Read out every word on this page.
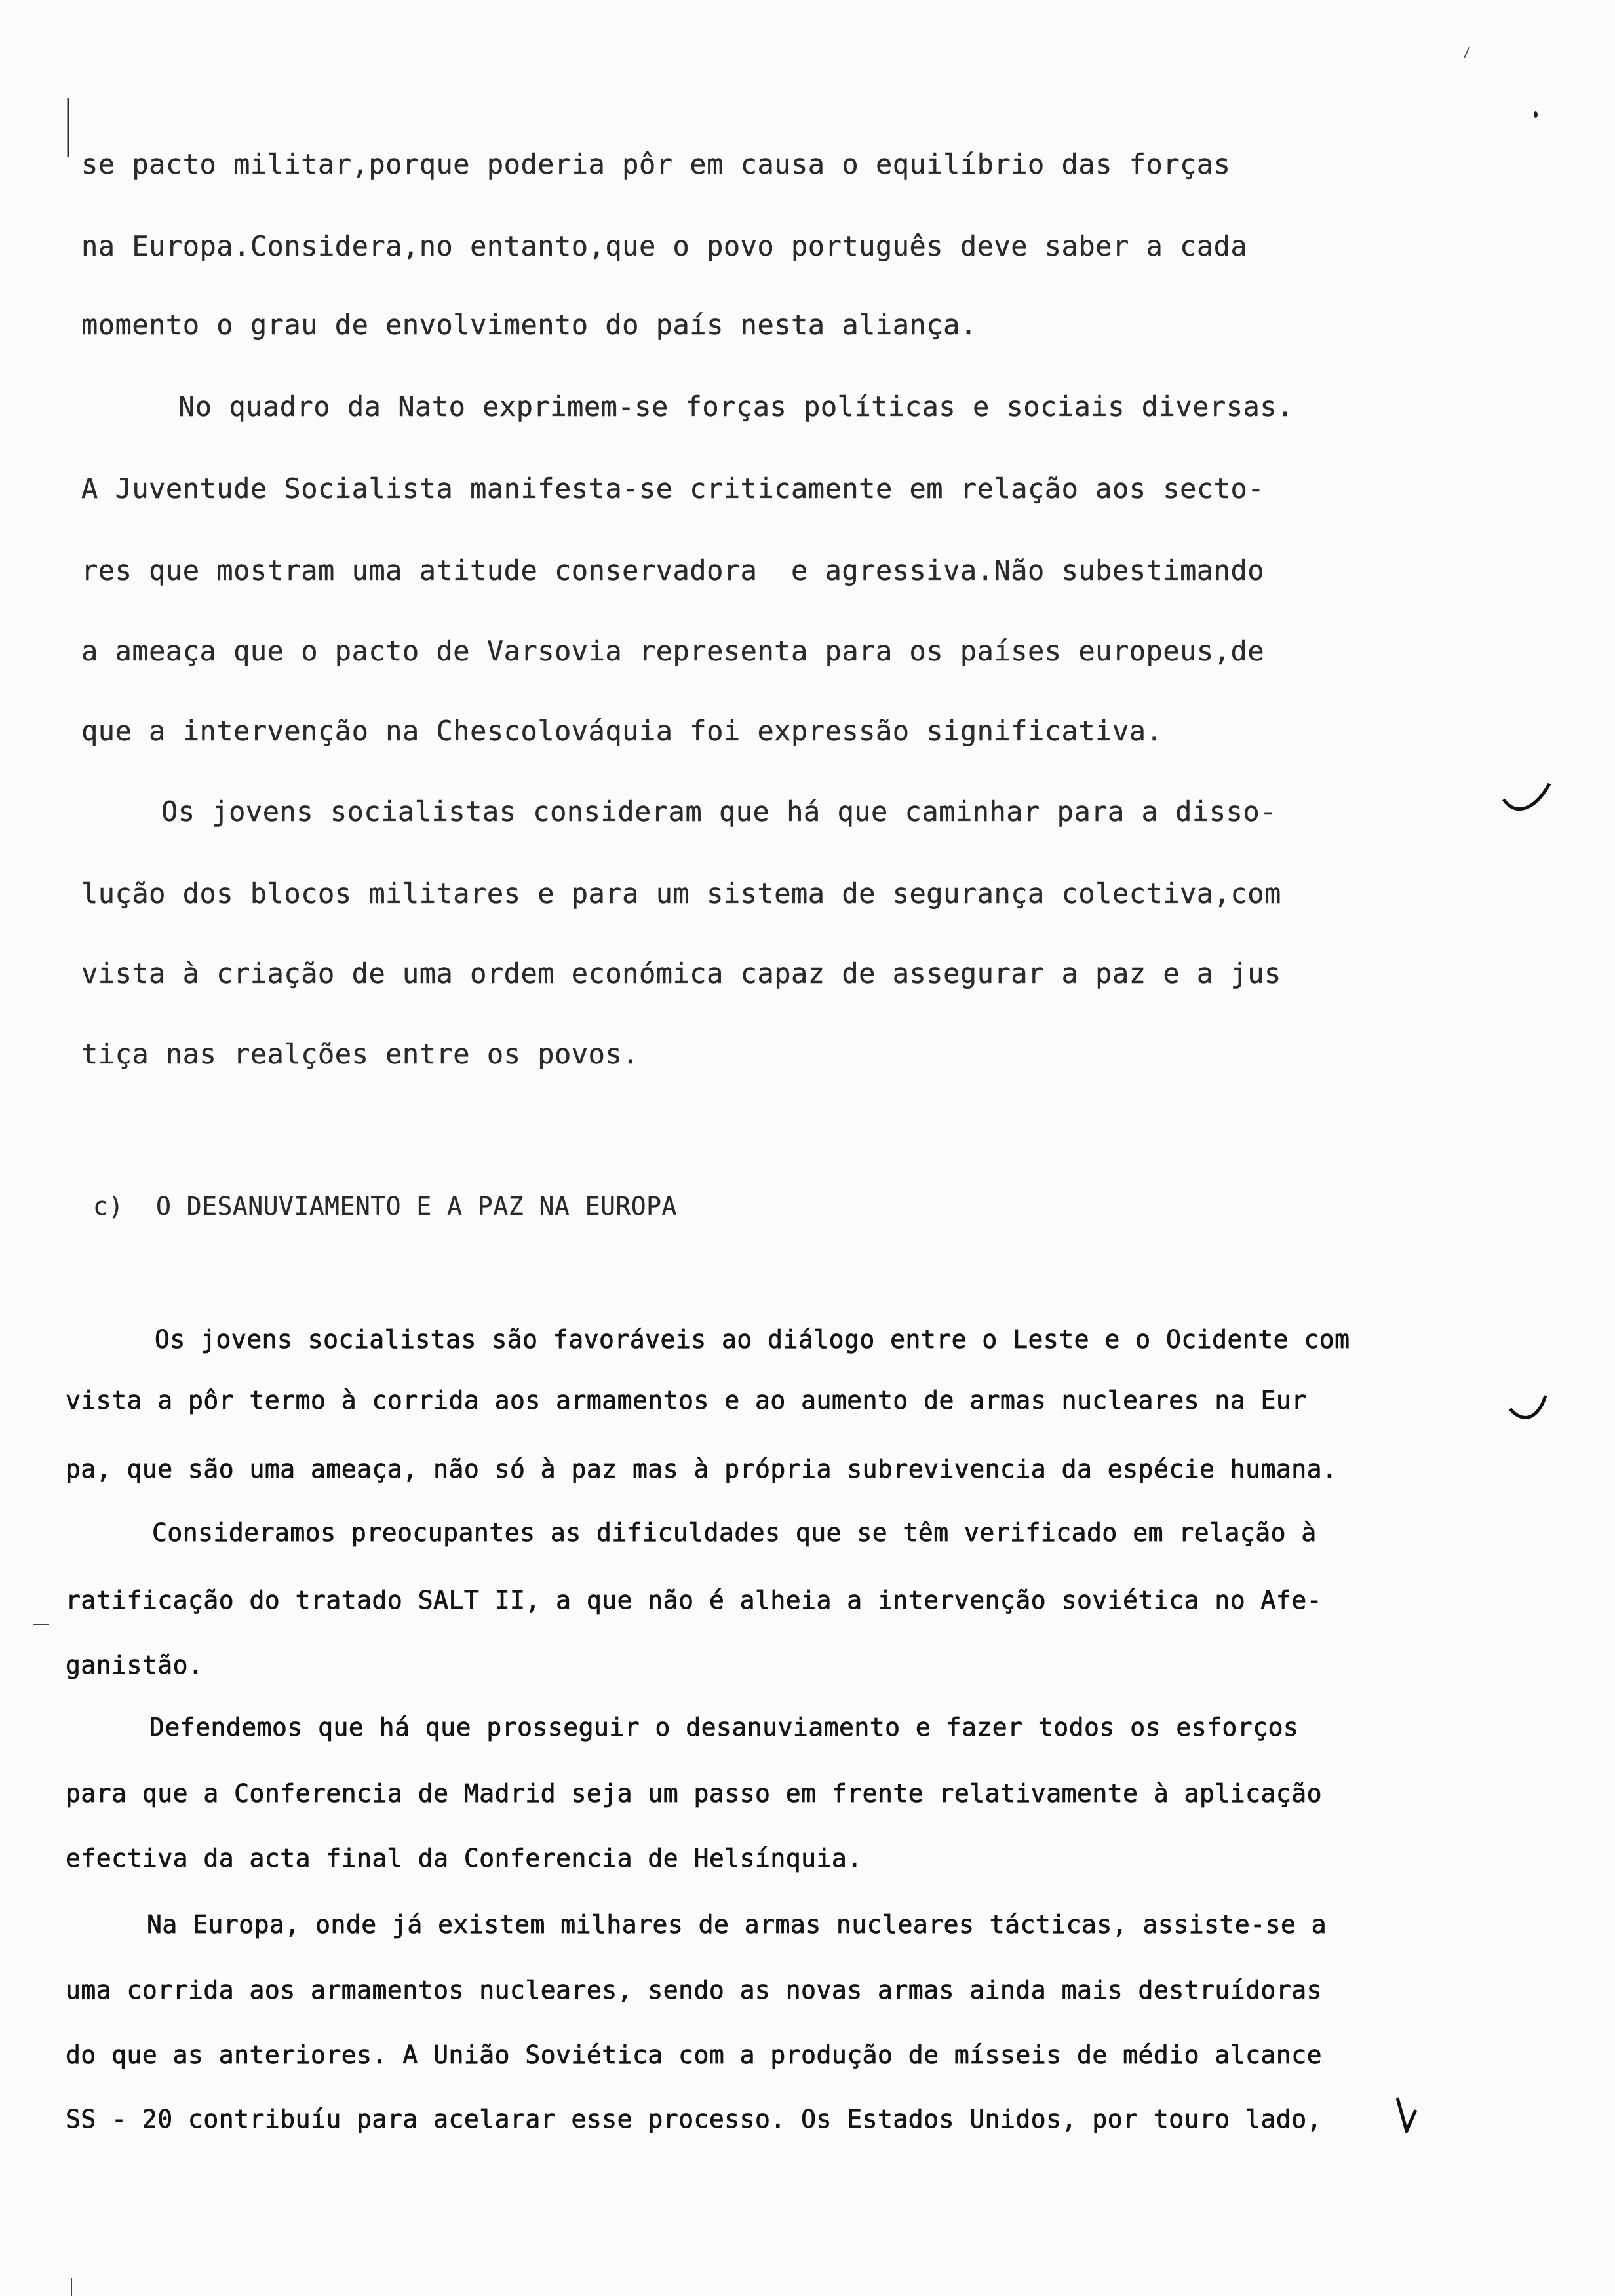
se pacto militar,porque poderia pôr em causa o equilíbrio das forças
na Europa.Considera,no entanto,que o povo português deve saber a cada
momento o grau de envolvimento do país nesta aliança.
No quadro da Nato exprimem-se forças políticas e sociais diversas.
A Juventude Socialista manifesta-se criticamente em relação aos secto-
res que mostram uma atitude conservadora  e agressiva.Não subestimando
a ameaça que o pacto de Varsovia representa para os países europeus,de
que a intervenção na Chescolováquia foi expressão significativa.
Os jovens socialistas consideram que há que caminhar para a disso-
lução dos blocos militares e para um sistema de segurança colectiva,com
vista à criação de uma ordem económica capaz de assegurar a paz e a jus
tiça nas realções entre os povos.
c) O DESANUVIAMENTO E A PAZ NA EUROPA
Os jovens socialistas são favoráveis ao diálogo entre o Leste e o Ocidente com
vista a pôr termo à corrida aos armamentos e ao aumento de armas nucleares na Eur
pa, que são uma ameaça, não só à paz mas à própria subrevivencia da espécie humana.
Consideramos preocupantes as dificuldades que se têm verificado em relação à
ratificação do tratado SALT II, a que não é alheia a intervenção soviética no Afe-
ganistão.
Defendemos que há que prosseguir o desanuviamento e fazer todos os esforços
para que a Conferencia de Madrid seja um passo em frente relativamente à aplicação
efectiva da acta final da Conferencia de Helsínquia.
Na Europa, onde já existem milhares de armas nucleares tácticas, assiste-se a
uma corrida aos armamentos nucleares, sendo as novas armas ainda mais destruídoras
do que as anteriores. A União Soviética com a produção de mísseis de médio alcance
SS - 20 contribuíu para acelarar esse processo. Os Estados Unidos, por touro lado,
